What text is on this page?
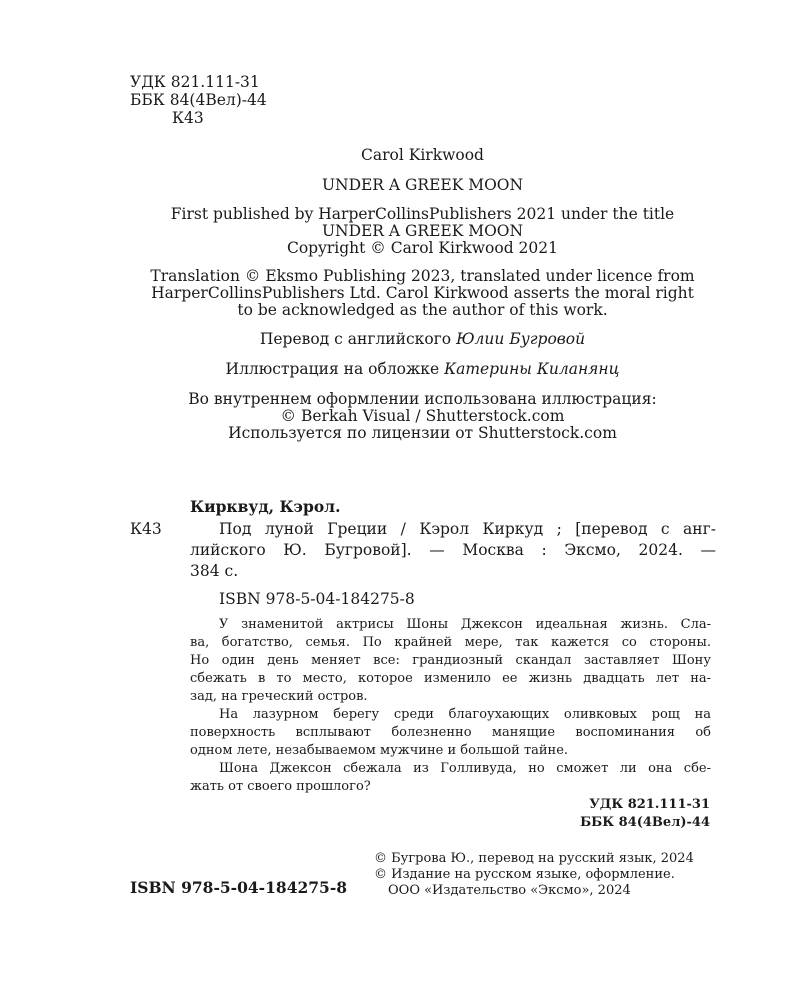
УДК 821.111-31
ББК 84(4Вел)-44
К43
Carol Kirkwood
UNDER A GREEK MOON
First published by HarperCollinsPublishers 2021 under the title
UNDER A GREEK MOON
Copyright © Carol Kirkwood 2021
Translation © Eksmo Publishing 2023, translated under licence from
HarperCollinsPublishers Ltd. Carol Kirkwood asserts the moral right
to be acknowledged as the author of this work.
Перевод с английского Юлии Бугровой
Иллюстрация на обложке Катерины Киланянц
Во внутреннем оформлении использована иллюстрация:
© Berkah Visual / Shutterstock.com
Используется по лицензии от Shutterstock.com
Кирквуд, Кэрол.
К43	Под луной Греции / Кэрол Киркуд ; [перевод с анг-
лийского Ю. Бугровой]. — Москва : Эксмо, 2024. —
384 с.
ISBN 978-5-04-184275-8
У знаменитой актрисы Шоны Джексон идеальная жизнь. Сла-
ва, богатство, семья. По крайней мере, так кажется со стороны.
Но один день меняет все: грандиозный скандал заставляет Шону
сбежать в то место, которое изменило ее жизнь двадцать лет на-
зад, на греческий остров.
На лазурном берегу среди благоухающих оливковых рощ на
поверхность всплывают болезненно манящие воспоминания об
одном лете, незабываемом мужчине и большой тайне.
Шона Джексон сбежала из Голливуда, но сможет ли она сбе-
жать от своего прошлого?
УДК 821.111-31
ББК 84(4Вел)-44
ISBN 978-5-04-184275-8
© Бугрова Ю., перевод на русский язык, 2024
© Издание на русском языке, оформление.
ООО «Издательство «Эксмо», 2024
